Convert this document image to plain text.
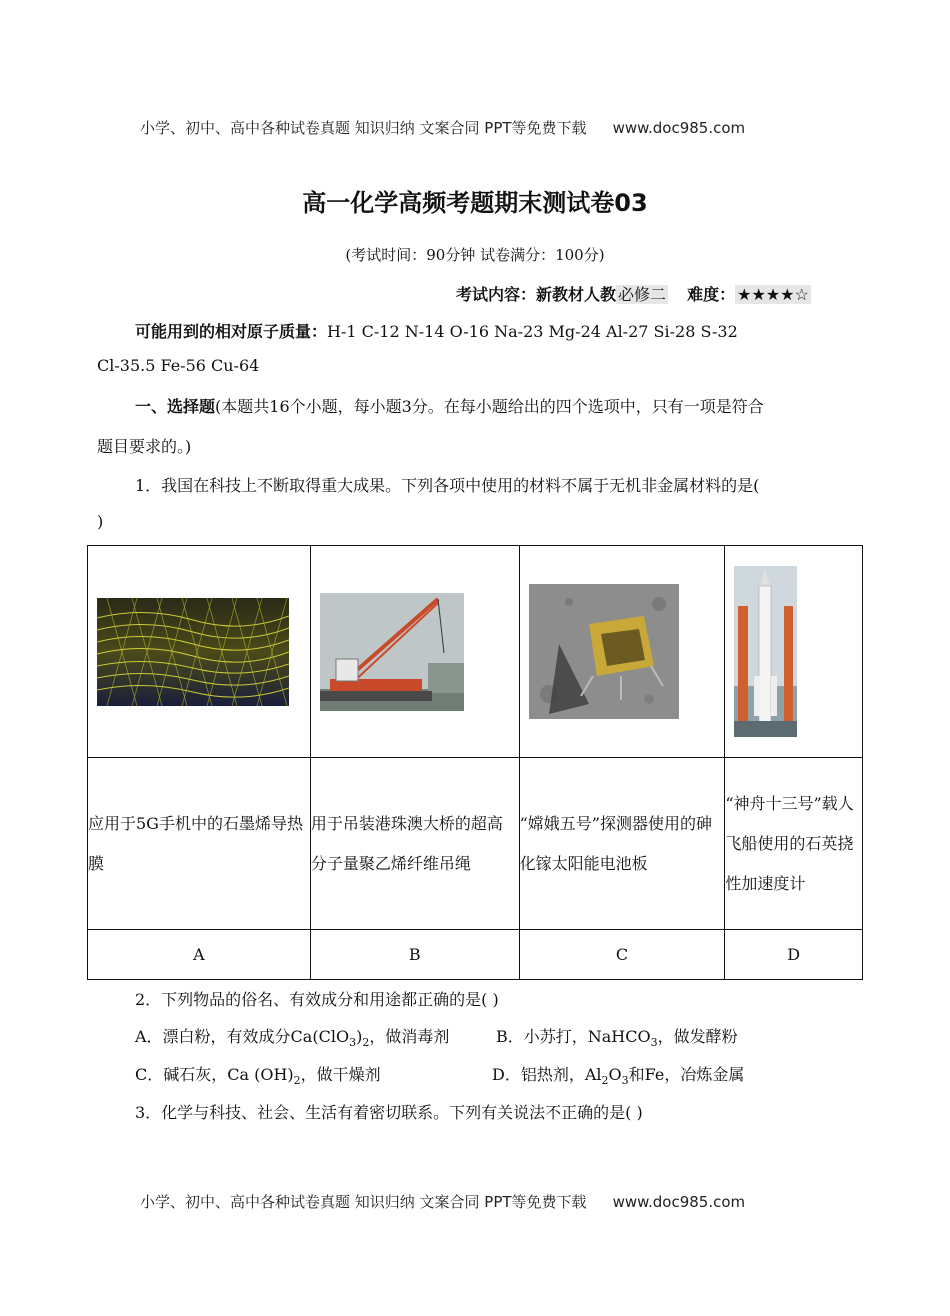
小学、初中、高中各种试卷真题 知识归纳 文案合同 PPT等免费下载 www.doc985.com
高一化学高频考题期末测试卷03
(考试时间：90分钟 试卷满分：100分)
考试内容：新教材人教 必修二 难度： ★★★★☆
可能用到的相对原子质量：H-1 C-12 N-14 O-16 Na-23 Mg-24 Al-27 Si-28 S-32
Cl-35.5 Fe-56 Cu-64
一、选择题(本题共16个小题，每小题3分。在每小题给出的四个选项中，只有一项是符合
题目要求的。)
1．我国在科技上不断取得重大成果。下列各项中使用的材料不属于无机非金属材料的是(
)

应用于5G手机中的石墨烯导热膜	用于吊装港珠澳大桥的超高分子量聚乙烯纤维吊绳	“嫦娥五号”探测器使用的砷化镓太阳能电池板	“神舟十三号”载人飞船使用的石英挠性加速度计
A	B	C	D
2．下列物品的俗名、有效成分和用途都正确的是( )
A．漂白粉，有效成分$Ca(ClO_3)_2$，做消毒剂	B．小苏打，NaHCO$_3$，做发酵粉
C．碱石灰，Ca $(OH)_2$，做干燥剂	D．铝热剂，$Al_2O_3$和Fe，冶炼金属
3．化学与科技、社会、生活有着密切联系。下列有关说法不正确的是( )
小学、初中、高中各种试卷真题 知识归纳 文案合同 PPT等免费下载 www.doc985.com
